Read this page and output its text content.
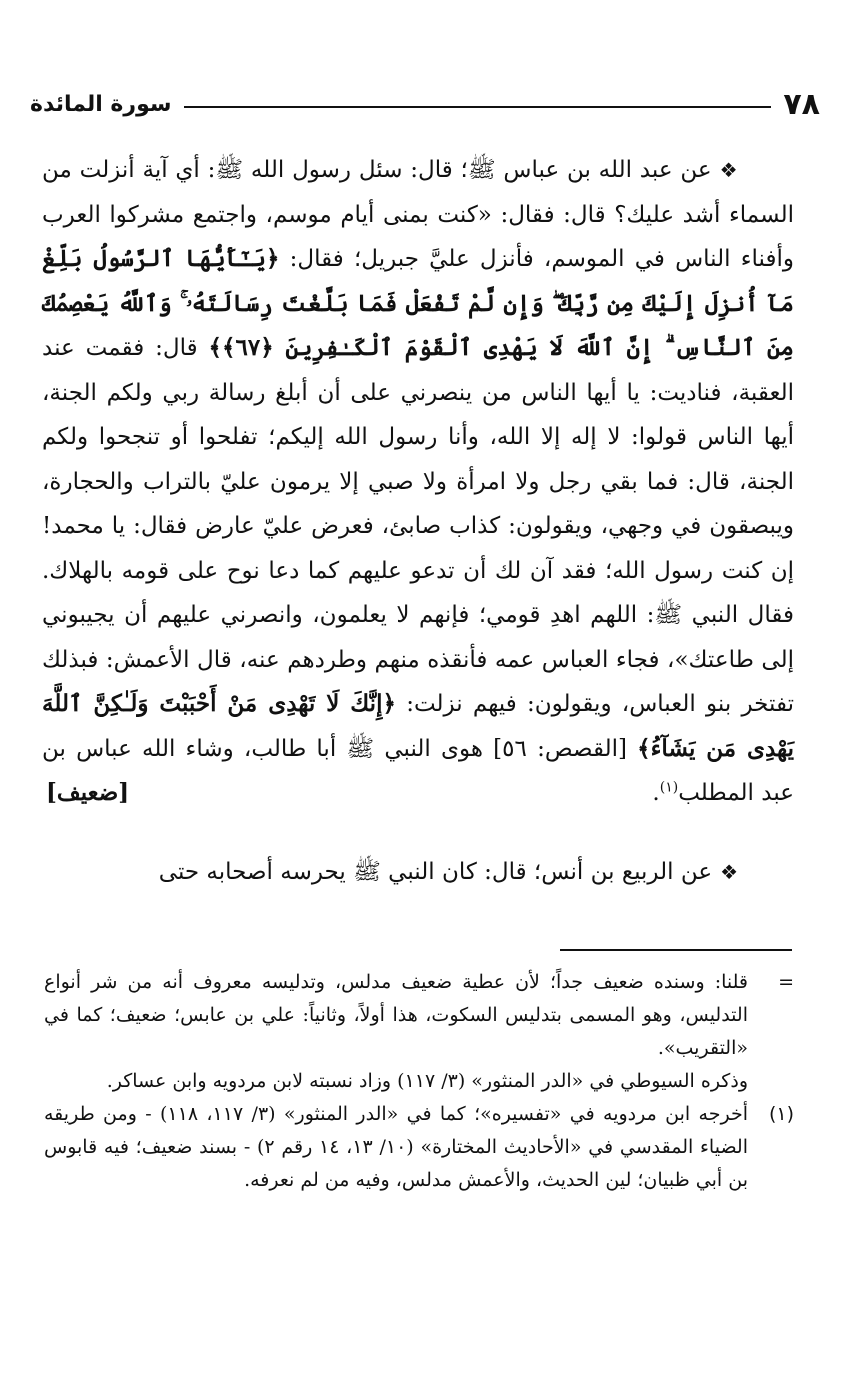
٧٨
سورة المائدة

❖عن عبد الله بن عباس ﷺ؛ قال: سئل رسول الله ﷺ: أي آية أنزلت من السماء أشد عليك؟ قال: فقال: «كنت بمنى أيام موسم، واجتمع مشركوا العرب وأفناء الناس في الموسم، فأنزل عليَّ جبريل؛ فقال: ﴿يَـٰٓأَيُّهَا ٱلرَّسُولُ بَلِّغْ مَآ أُنزِلَ إِلَيْكَ مِن رَّبِّكَ ۖ وَإِن لَّمْ تَفْعَلْ فَمَا بَلَّغْتَ رِسَالَتَهُۥ ۚ وَٱللَّهُ يَعْصِمُكَ مِنَ ٱلنَّاسِ ۗ إِنَّ ٱللَّهَ لَا يَهْدِى ٱلْقَوْمَ ٱلْكَـٰفِرِينَ ﴿٦٧﴾﴾ قال: فقمت عند العقبة، فناديت: يا أيها الناس من ينصرني على أن أبلغ رسالة ربي ولكم الجنة، أيها الناس قولوا: لا إله إلا الله، وأنا رسول الله إليكم؛ تفلحوا أو تنجحوا ولكم الجنة، قال: فما بقي رجل ولا امرأة ولا صبي إلا يرمون عليّ بالتراب والحجارة، ويبصقون في وجهي، ويقولون: كذاب صابئ، فعرض عليّ عارض فقال: يا محمد! إن كنت رسول الله؛ فقد آن لك أن تدعو عليهم كما دعا نوح على قومه بالهلاك. فقال النبي ﷺ: اللهم اهدِ قومي؛ فإنهم لا يعلمون، وانصرني عليهم أن يجيبوني إلى طاعتك»، فجاء العباس عمه فأنقذه منهم وطردهم عنه، قال الأعمش: فبذلك تفتخر بنو العباس، ويقولون: فيهم نزلت: ﴿إِنَّكَ لَا تَهْدِى مَنْ أَحْبَبْتَ وَلَـٰكِنَّ ٱللَّهَ يَهْدِى مَن يَشَآءُ﴾ [القصص: ٥٦] هوى النبي ﷺ أبا طالب، وشاء الله عباس بن عبد المطلب$^{(١)}$.
[ضعيف]

❖عن الربيع بن أنس؛ قال: كان النبي ﷺ يحرسه أصحابه حتى

=

قلنا: وسنده ضعيف جداً؛ لأن عطية ضعيف مدلس، وتدليسه معروف أنه من شر أنواع التدليس، وهو المسمى بتدليس السكوت، هذا أولاً، وثانياً: علي بن عابس؛ ضعيف؛ كما في «التقريب».

وذكره السيوطي في «الدر المنثور» (٣/ ١١٧) وزاد نسبته لابن مردويه وابن عساكر.

(١)

أخرجه ابن مردويه في «تفسيره»؛ كما في «الدر المنثور» (٣/ ١١٧، ١١٨) - ومن طريقه الضياء المقدسي في «الأحاديث المختارة» (١٠/ ١٣، ١٤ رقم ٢) - بسند ضعيف؛ فيه قابوس بن أبي ظبيان؛ لين الحديث، والأعمش مدلس، وفيه من لم نعرفه.
